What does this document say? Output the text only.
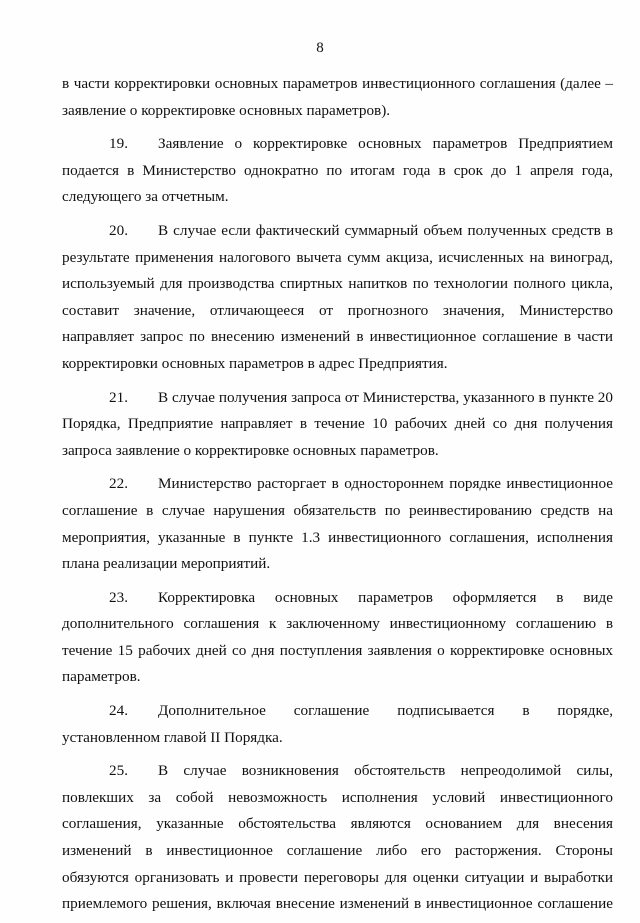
8

в части корректировки основных параметров инвестиционного соглашения (далее – заявление о корректировке основных параметров).

19. Заявление о корректировке основных параметров Предприятием подается в Министерство однократно по итогам года в срок до 1 апреля года, следующего за отчетным.

20. В случае если фактический суммарный объем полученных средств в результате применения налогового вычета сумм акциза, исчисленных на виноград, используемый для производства спиртных напитков по технологии полного цикла, составит значение, отличающееся от прогнозного значения, Министерство направляет запрос по внесению изменений в инвестиционное соглашение в части корректировки основных параметров в адрес Предприятия.

21. В случае получения запроса от Министерства, указанного в пункте 20 Порядка, Предприятие направляет в течение 10 рабочих дней со дня получения запроса заявление о корректировке основных параметров.

22. Министерство расторгает в одностороннем порядке инвестиционное соглашение в случае нарушения обязательств по реинвестированию средств на мероприятия, указанные в пункте 1.3 инвестиционного соглашения, исполнения плана реализации мероприятий.

23. Корректировка основных параметров оформляется в виде дополнительного соглашения к заключенному инвестиционному соглашению в течение 15 рабочих дней со дня поступления заявления о корректировке основных параметров.

24. Дополнительное соглашение подписывается в порядке, установленном главой II Порядка.

25. В случае возникновения обстоятельств непреодолимой силы, повлекших за собой невозможность исполнения условий инвестиционного соглашения, указанные обстоятельства являются основанием для внесения изменений в инвестиционное соглашение либо его расторжения. Стороны обязуются организовать и провести переговоры для оценки ситуации и выработки приемлемого решения, включая внесение изменений в инвестиционное соглашение
